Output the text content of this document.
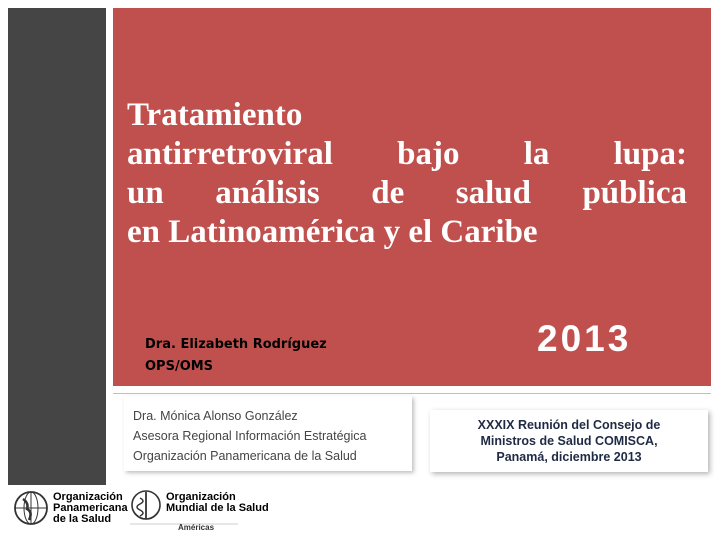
Tratamiento
antirretroviral bajo la lupa:
un análisis de salud pública
en Latinoamérica y el Caribe
Dra. Elizabeth Rodríguez
OPS/OMS
2013
Dra. Mónica Alonso González
Asesora Regional Información Estratégica
Organización Panamericana de la Salud
XXXIX Reunión del Consejo de
Ministros de Salud COMISCA,
Panamá, diciembre 2013
Organización
Panamericana
de la Salud
Organización
Mundial de la Salud
Américas
